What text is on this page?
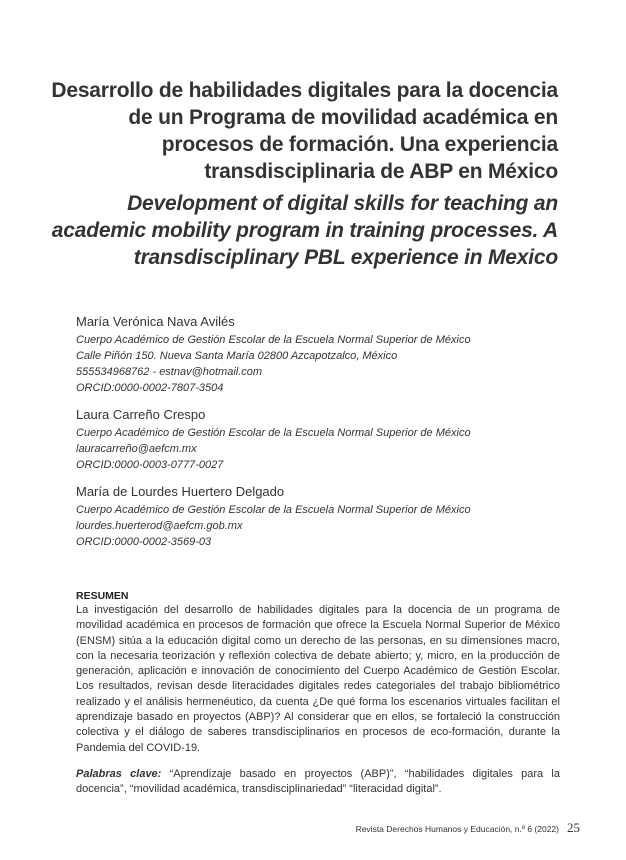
Desarrollo de habilidades digitales para la docencia de un Programa de movilidad académica en procesos de formación. Una experiencia transdisciplinaria de ABP en México
Development of digital skills for teaching an academic mobility program in training processes. A transdisciplinary PBL experience in Mexico
María Verónica Nava Avilés
Cuerpo Académico de Gestión Escolar de la Escuela Normal Superior de México
Calle Piñón 150. Nueva Santa María 02800 Azcapotzalco, México
555534968762 - estnav@hotmail.com
ORCID:0000-0002-7807-3504
Laura Carreño Crespo
Cuerpo Académico de Gestión Escolar de la Escuela Normal Superior de México
lauracarreño@aefcm.mx
ORCID:0000-0003-0777-0027
María de Lourdes Huertero Delgado
Cuerpo Académico de Gestión Escolar de la Escuela Normal Superior de México
lourdes.huerterod@aefcm.gob.mx
ORCID:0000-0002-3569-03
RESUMEN
La investigación del desarrollo de habilidades digitales para la docencia de un programa de movilidad académica en procesos de formación que ofrece la Escuela Normal Superior de México (ENSM) sitúa a la educación digital como un derecho de las personas, en su dimensiones macro, con la necesaria teorización y reflexión colectiva de debate abierto; y, micro, en la producción de generación, aplicación e innovación de conocimiento del Cuerpo Académico de Gestión Escolar. Los resultados, revisan desde literacidades digitales redes categoriales del trabajo bibliométrico realizado y el análisis hermenéutico, da cuenta ¿De qué forma los escenarios virtuales facilitan el aprendizaje basado en proyectos (ABP)? Al considerar que en ellos, se fortaleció la construcción colectiva y el diálogo de saberes transdisciplinarios en procesos de eco-formación, durante la Pandemia del COVID-19.
Palabras clave: “Aprendizaje basado en proyectos (ABP)”, “habilidades digitales para la docencia”, “movilidad académica, transdisciplinariedad” “literacidad digital”.
Revista Derechos Humanos y Educación, n.º 6 (2022) 25
